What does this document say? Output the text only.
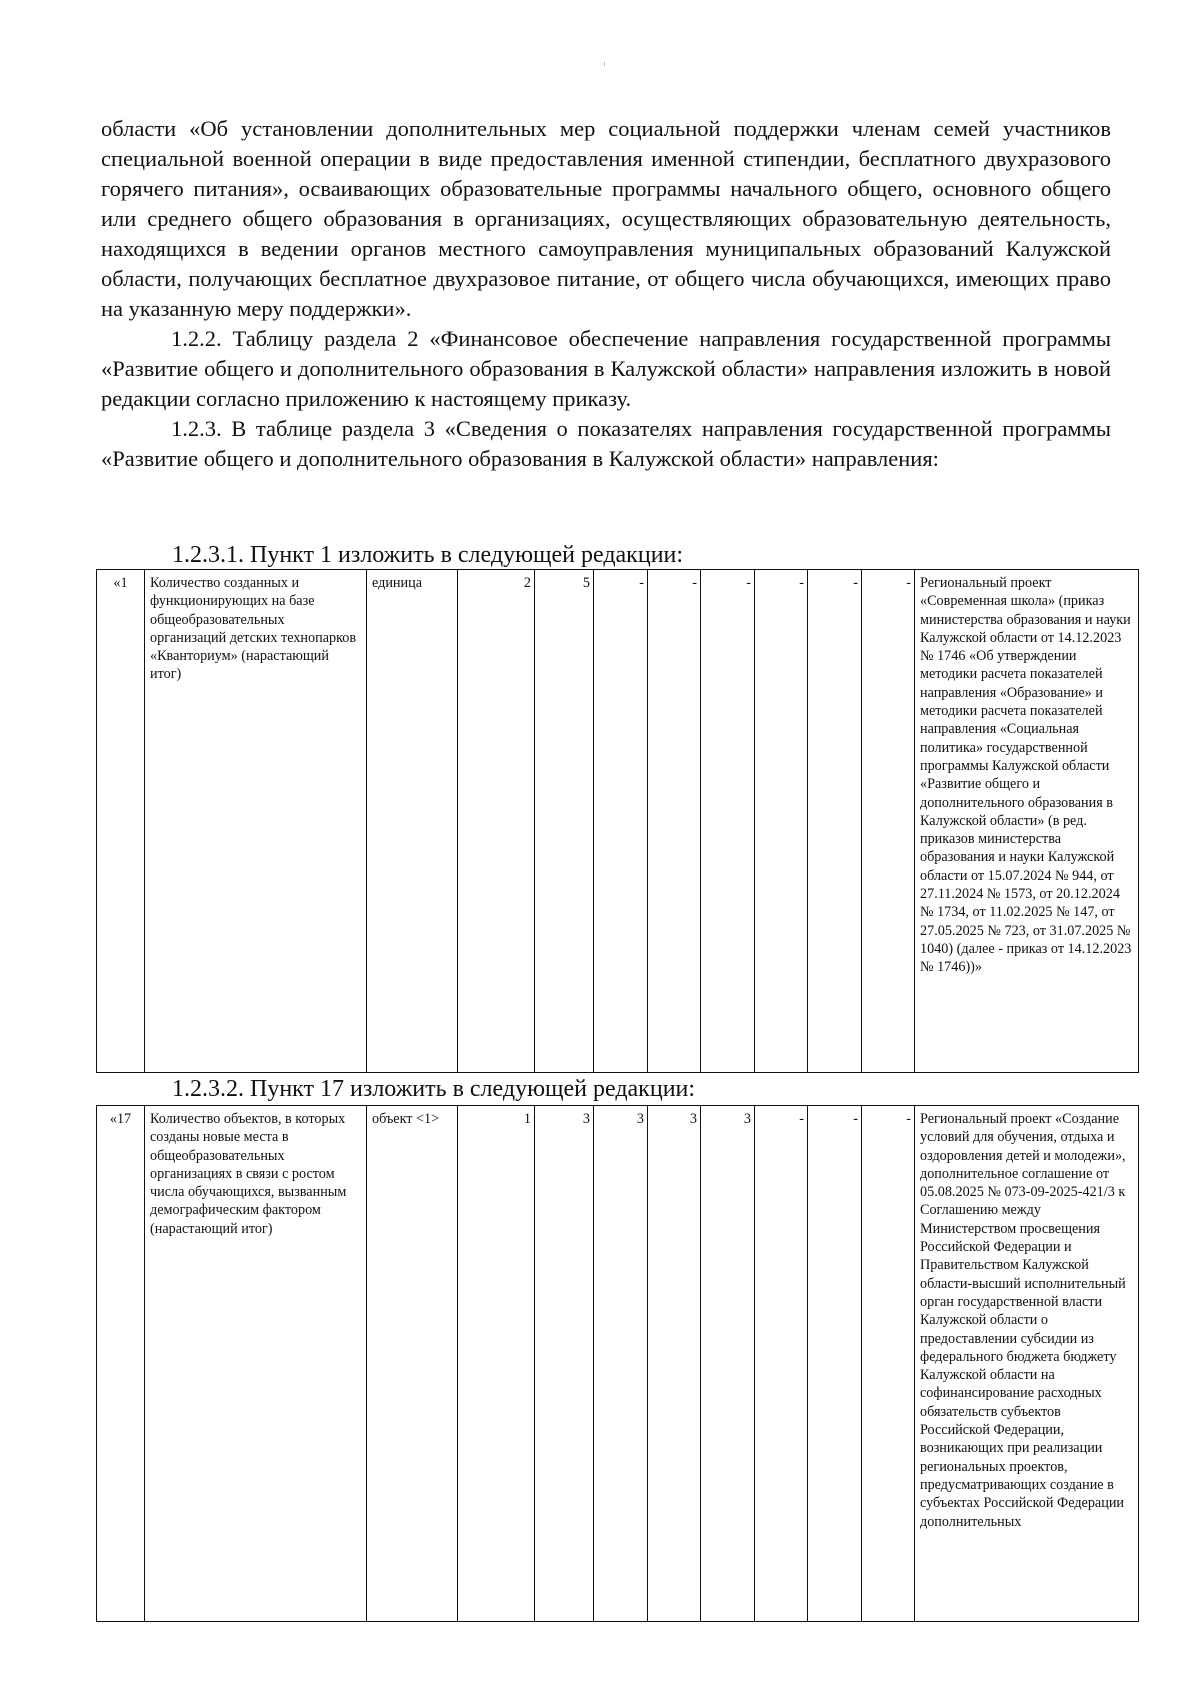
области «Об установлении дополнительных мер социальной поддержки членам семей участников специальной военной операции в виде предоставления именной стипендии, бесплатного двухразового горячего питания», осваивающих образовательные программы начального общего, основного общего или среднего общего образования в организациях, осуществляющих образовательную деятельность, находящихся в ведении органов местного самоуправления муниципальных образований Калужской области, получающих бесплатное двухразовое питание, от общего числа обучающихся, имеющих право на указанную меру поддержки».

1.2.2. Таблицу раздела 2 «Финансовое обеспечение направления государственной программы «Развитие общего и дополнительного образования в Калужской области» направления изложить в новой редакции согласно приложению к настоящему приказу.

1.2.3. В таблице раздела 3 «Сведения о показателях направления государственной программы «Развитие общего и дополнительного образования в Калужской области» направления:

1.2.3.1. Пункт 1 изложить в следующей редакции:
«1	Количество созданных и функционирующих на базе общеобразовательных организаций детских технопарков «Кванториум» (нарастающий итог)	единица	2	5	-	-	-	-	-	-	Региональный проект «Современная школа» (приказ министерства образования и науки Калужской области от 14.12.2023 № 1746 «Об утверждении методики расчета показателей направления «Образование» и методики расчета показателей направления «Социальная политика» государственной программы Калужской области «Развитие общего и дополнительного образования в Калужской области» (в ред. приказов министерства образования и науки Калужской области от 15.07.2024 № 944, от 27.11.2024 № 1573, от 20.12.2024 № 1734, от 11.02.2025 № 147, от 27.05.2025 № 723, от 31.07.2025 № 1040) (далее - приказ от 14.12.2023 № 1746))»
1.2.3.2. Пункт 17 изложить в следующей редакции:
«17	Количество объектов, в которых созданы новые места в общеобразовательных организациях в связи с ростом числа обучающихся, вызванным демографическим фактором (нарастающий итог)	объект <1>	1	3	3	3	3	-	-	-	Региональный проект «Создание условий для обучения, отдыха и оздоровления детей и молодежи», дополнительное соглашение от 05.08.2025 № 073-09-2025-421/3 к Соглашению между Министерством просвещения Российской Федерации и Правительством Калужской области-высший исполнительный орган государственной власти Калужской области о предоставлении субсидии из федерального бюджета бюджету Калужской области на софинансирование расходных обязательств субъектов Российской Федерации, возникающих при реализации региональных проектов, предусматривающих создание в субъектах Российской Федерации дополнительных
